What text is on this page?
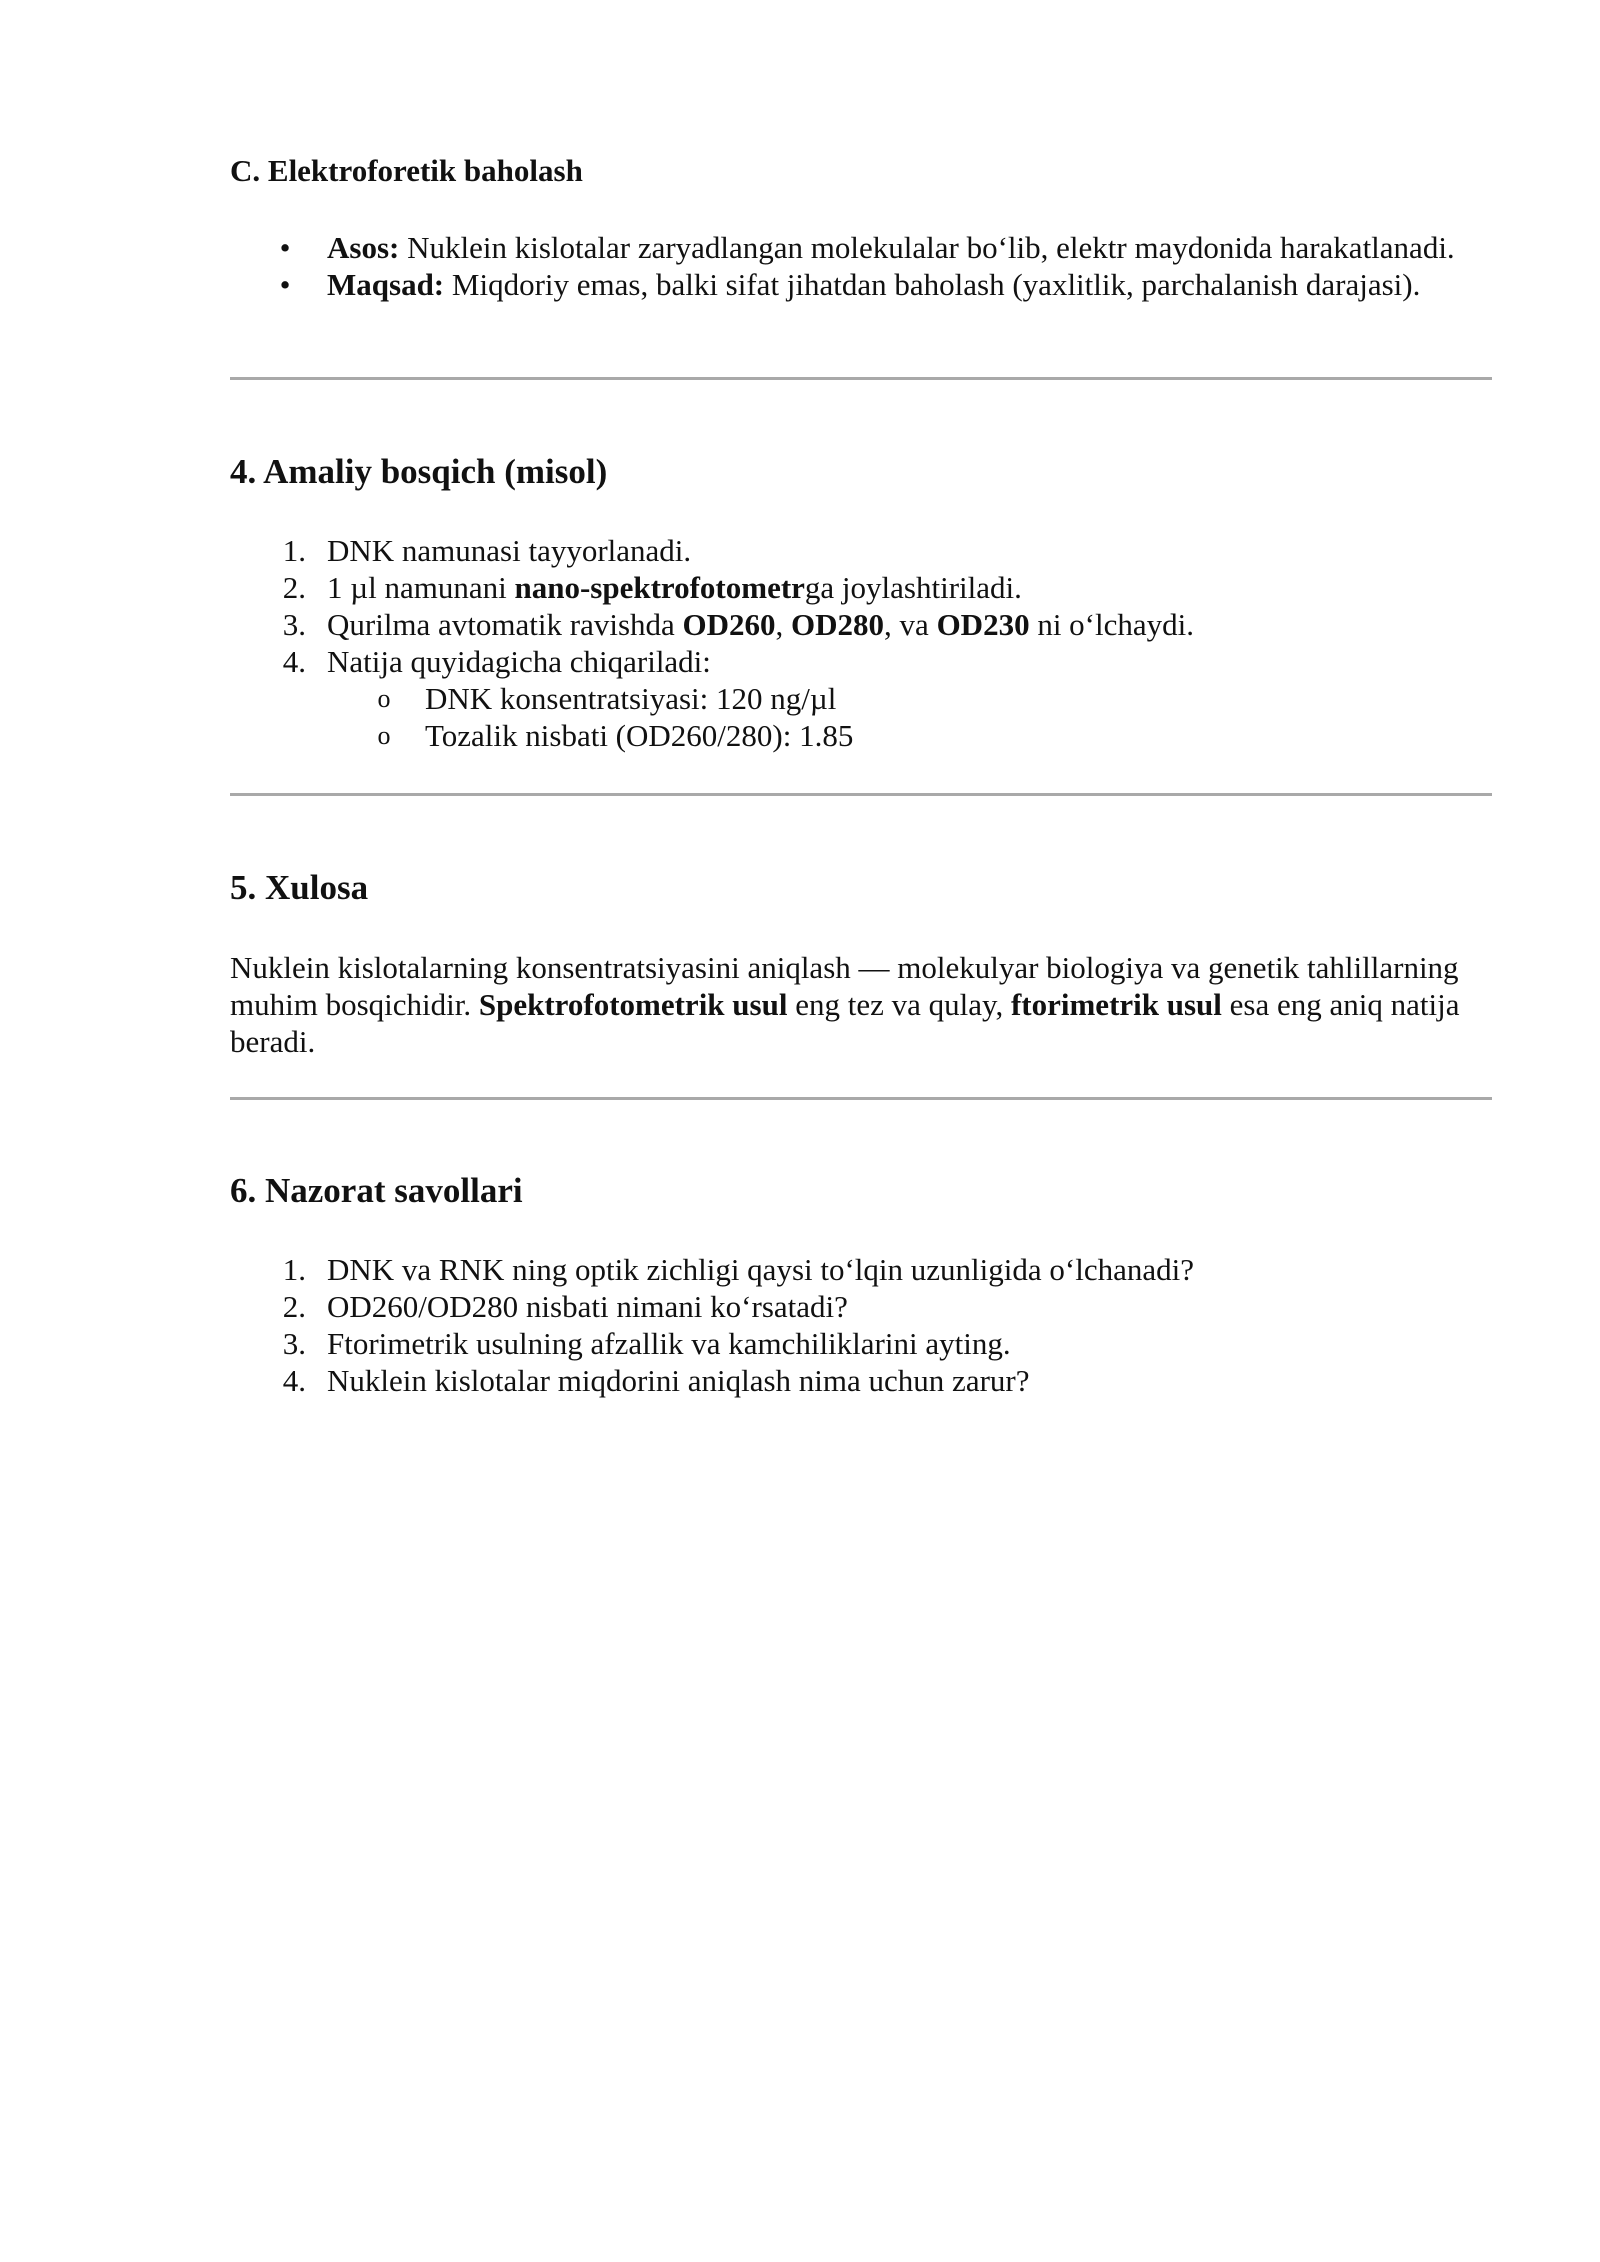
C. Elektroforetik baholash
• Asos: Nuklein kislotalar zaryadlangan molekulalar bo‘lib, elektr maydonida harakatlanadi.
• Maqsad: Miqdoriy emas, balki sifat jihatdan baholash (yaxlitlik, parchalanish darajasi).
4. Amaliy bosqich (misol)
1. DNK namunasi tayyorlanadi.
2. 1 µl namunani nano-spektrofotometrga joylashtiriladi.
3. Qurilma avtomatik ravishda OD260, OD280, va OD230 ni o‘lchaydi.
4. Natija quyidagicha chiqariladi:
o DNK konsentratsiyasi: 120 ng/µl
o Tozalik nisbati (OD260/280): 1.85
5. Xulosa

Nuklein kislotalarning konsentratsiyasini aniqlash — molekulyar biologiya va genetik tahlillarning muhim bosqichidir. Spektrofotometrik usul eng tez va qulay, ftorimetrik usul esa eng aniq natija beradi.

6. Nazorat savollari
1. DNK va RNK ning optik zichligi qaysi to‘lqin uzunligida o‘lchanadi?
2. OD260/OD280 nisbati nimani ko‘rsatadi?
3. Ftorimetrik usulning afzallik va kamchiliklarini ayting.
4. Nuklein kislotalar miqdorini aniqlash nima uchun zarur?
